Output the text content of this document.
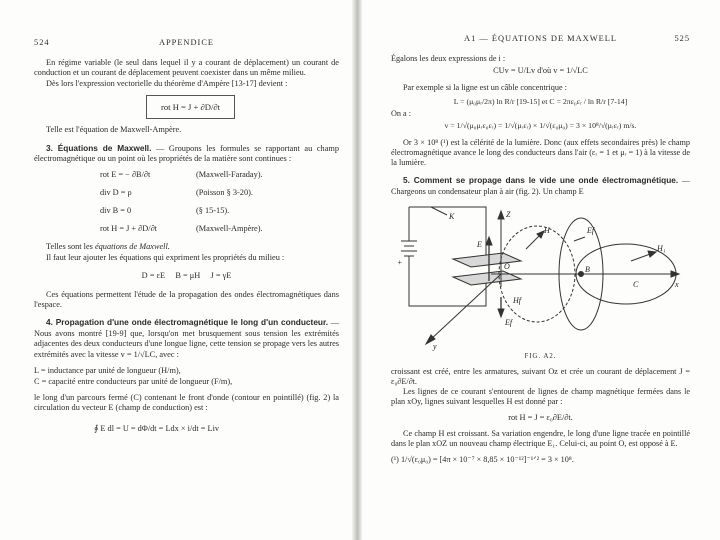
524	APPENDICE

En régime variable (le seul dans lequel il y a courant de déplacement) un courant de conduction et un courant de déplacement peuvent coexister dans un même milieu.

Dès lors l'expression vectorielle du théorème d'Ampère [13-17] devient :

rot H = J + ∂D/∂t

Telle est l'équation de Maxwell-Ampère.

3. Équations de Maxwell. — Groupons les formules se rapportant au champ électromagnétique ou un point où les propriétés de la matière sont continues :

rot E = − ∂B/∂t	(Maxwell-Faraday).
div D = ρ	(Poisson § 3-20).
div B = 0	(§ 15-15).
rot H = J + ∂D/∂t	(Maxwell-Ampère).

Telles sont les équations de Maxwell.

Il faut leur ajouter les équations qui expriment les propriétés du milieu :

D = εE     B = μH     J = γE

Ces équations permettent l'étude de la propagation des ondes électromagnétiques dans l'espace.

4. Propagation d'une onde électromagnétique le long d'un conducteur. — Nous avons montré [19-9] que, lorsqu'on met brusquement sous tension les extrémités adjacentes des deux conducteurs d'une longue ligne, cette tension se propage vers les autres extrémités avec la vitesse v = 1/√LC, avec :

L = inductance par unité de longueur (H/m),

C = capacité entre conducteurs par unité de longueur (F/m),

le long d'un parcours fermé (C) contenant le front d'onde (contour en pointillé) (fig. 2) la circulation du vecteur E (champ de conduction) est :

∮ E dl = U = dΦ/dt = Ldx × i/dt = Liv
A1 — ÉQUATIONS DE MAXWELL	525

Égalons les deux expressions de i :

CUv = U/Lv d'où v = 1/√LC

Par exemple si la ligne est un câble concentrique :

L = (μ₀μᵣ/2π) ln R/r [19-15] et C = 2πε₀εᵣ / ln R/r [7-14]

On a :

v = 1/√(μ₀μᵣε₀εᵣ) = 1/√(μᵣεᵣ) × 1/√(ε₀μ₀) = 3 × 10⁸/√(μᵣεᵣ) m/s.

Or 3 × 10⁸ (¹) est la célérité de la lumière. Donc (aux effets secondaires près) le champ électromagnétique avance le long des conducteurs dans l'air (εᵣ = 1 et μᵣ = 1) à la vitesse de la lumière.

5. Comment se propage dans le vide une onde électromagnétique. — Chargeons un condensateur plan à air (fig. 2). Un champ E

K	Z
E
O
H	Ef
H₁
B
C	x
Hf
Ef
y
+
FIG. A2.

croissant est créé, entre les armatures, suivant Oz et crée un courant de déplacement J = ε₀∂E/∂t.

Les lignes de ce courant s'entourent de lignes de champ magnétique fermées dans le plan xOy, lignes suivant lesquelles H est donné par :

rot H = J = ε₀∂E/∂t.

Ce champ H est croissant. Sa variation engendre, le long d'une ligne tracée en pointillé dans le plan xOZ un nouveau champ électrique E₁. Celui-ci, au point O, est opposé à E.

(¹) 1/√(ε₀μ₀) = [4π × 10⁻⁷ × 8,85 × 10⁻¹²]⁻¹ᐟ² = 3 × 10⁸.
